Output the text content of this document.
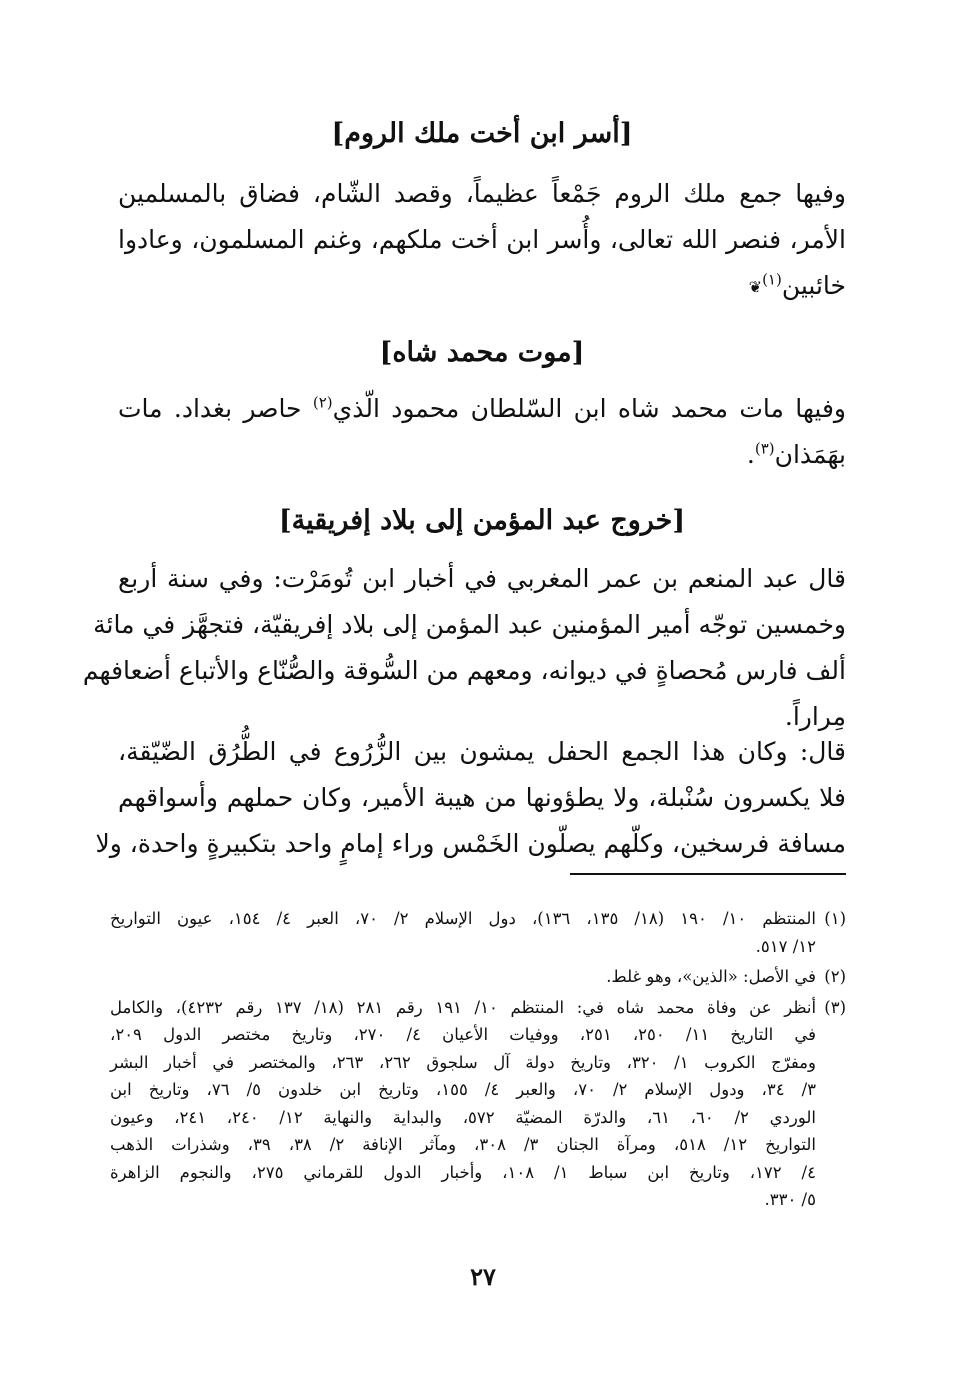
[أسر ابن أخت ملك الروم]
وفيها جمع ملك الروم جَمْعاً عظيماً، وقصد الشّام، فضاق بالمسلمين
الأمر، فنصر الله تعالى، وأُسر ابن أخت ملكهم، وغنم المسلمون، وعادوا
خائبين$^{(١)}$❦
[موت محمد شاه]
وفيها مات محمد شاه ابن السّلطان محمود الّذي$^{(٢)}$ حاصر بغداد. مات
بهَمَذان$^{(٣)}$.
[خروج عبد المؤمن إلى بلاد إفريقية]
قال عبد المنعم بن عمر المغربي في أخبار ابن تُومَرْت: وفي سنة أربع
وخمسين توجّه أمير المؤمنين عبد المؤمن إلى بلاد إفريقيّة، فتجهَّز في مائة
ألف فارس مُحصاةٍ في ديوانه، ومعهم من السُّوقة والصُّنّاع والأتباع أضعافهم
مِراراً.
قال: وكان هذا الجمع الحفل يمشون بين الزُّرُوع في الطُّرُق الضّيّقة،
فلا يكسرون سُنْبلة، ولا يطؤونها من هيبة الأمير، وكان حملهم وأسواقهم
مسافة فرسخين، وكلّهم يصلّون الخَمْس وراء إمامٍ واحد بتكبيرةٍ واحدة، ولا
(١)
المنتظم ١٠/ ١٩٠ (١٨/ ١٣٥، ١٣٦)، دول الإسلام ٢/ ٧٠، العبر ٤/ ١٥٤، عيون التواريخ
١٢/ ٥١٧.
(٢)
في الأصل: «الذين»، وهو غلط.
(٣)
أنظر عن وفاة محمد شاه في: المنتظم ١٠/ ١٩١ رقم ٢٨١ (١٨/ ١٣٧ رقم ٤٢٣٢)، والكامل
في التاريخ ١١/ ٢٥٠، ٢٥١، ووفيات الأعيان ٤/ ٢٧٠، وتاريخ مختصر الدول ٢٠٩،
ومفرّج الكروب ١/ ٣٢٠، وتاريخ دولة آل سلجوق ٢٦٢، ٢٦٣، والمختصر في أخبار البشر
٣/ ٣٤، ودول الإسلام ٢/ ٧٠، والعبر ٤/ ١٥٥، وتاريخ ابن خلدون ٥/ ٧٦، وتاريخ ابن
الوردي ٢/ ٦٠، ٦١، والدرّة المضيّة ٥٧٢، والبداية والنهاية ١٢/ ٢٤٠، ٢٤١، وعيون
التواريخ ١٢/ ٥١٨، ومرآة الجنان ٣/ ٣٠٨، ومآثر الإنافة ٢/ ٣٨، ٣٩، وشذرات الذهب
٤/ ١٧٢، وتاريخ ابن سباط ١/ ١٠٨، وأخبار الدول للقرماني ٢٧٥، والنجوم الزاهرة
٥/ ٣٣٠.
٢٧
